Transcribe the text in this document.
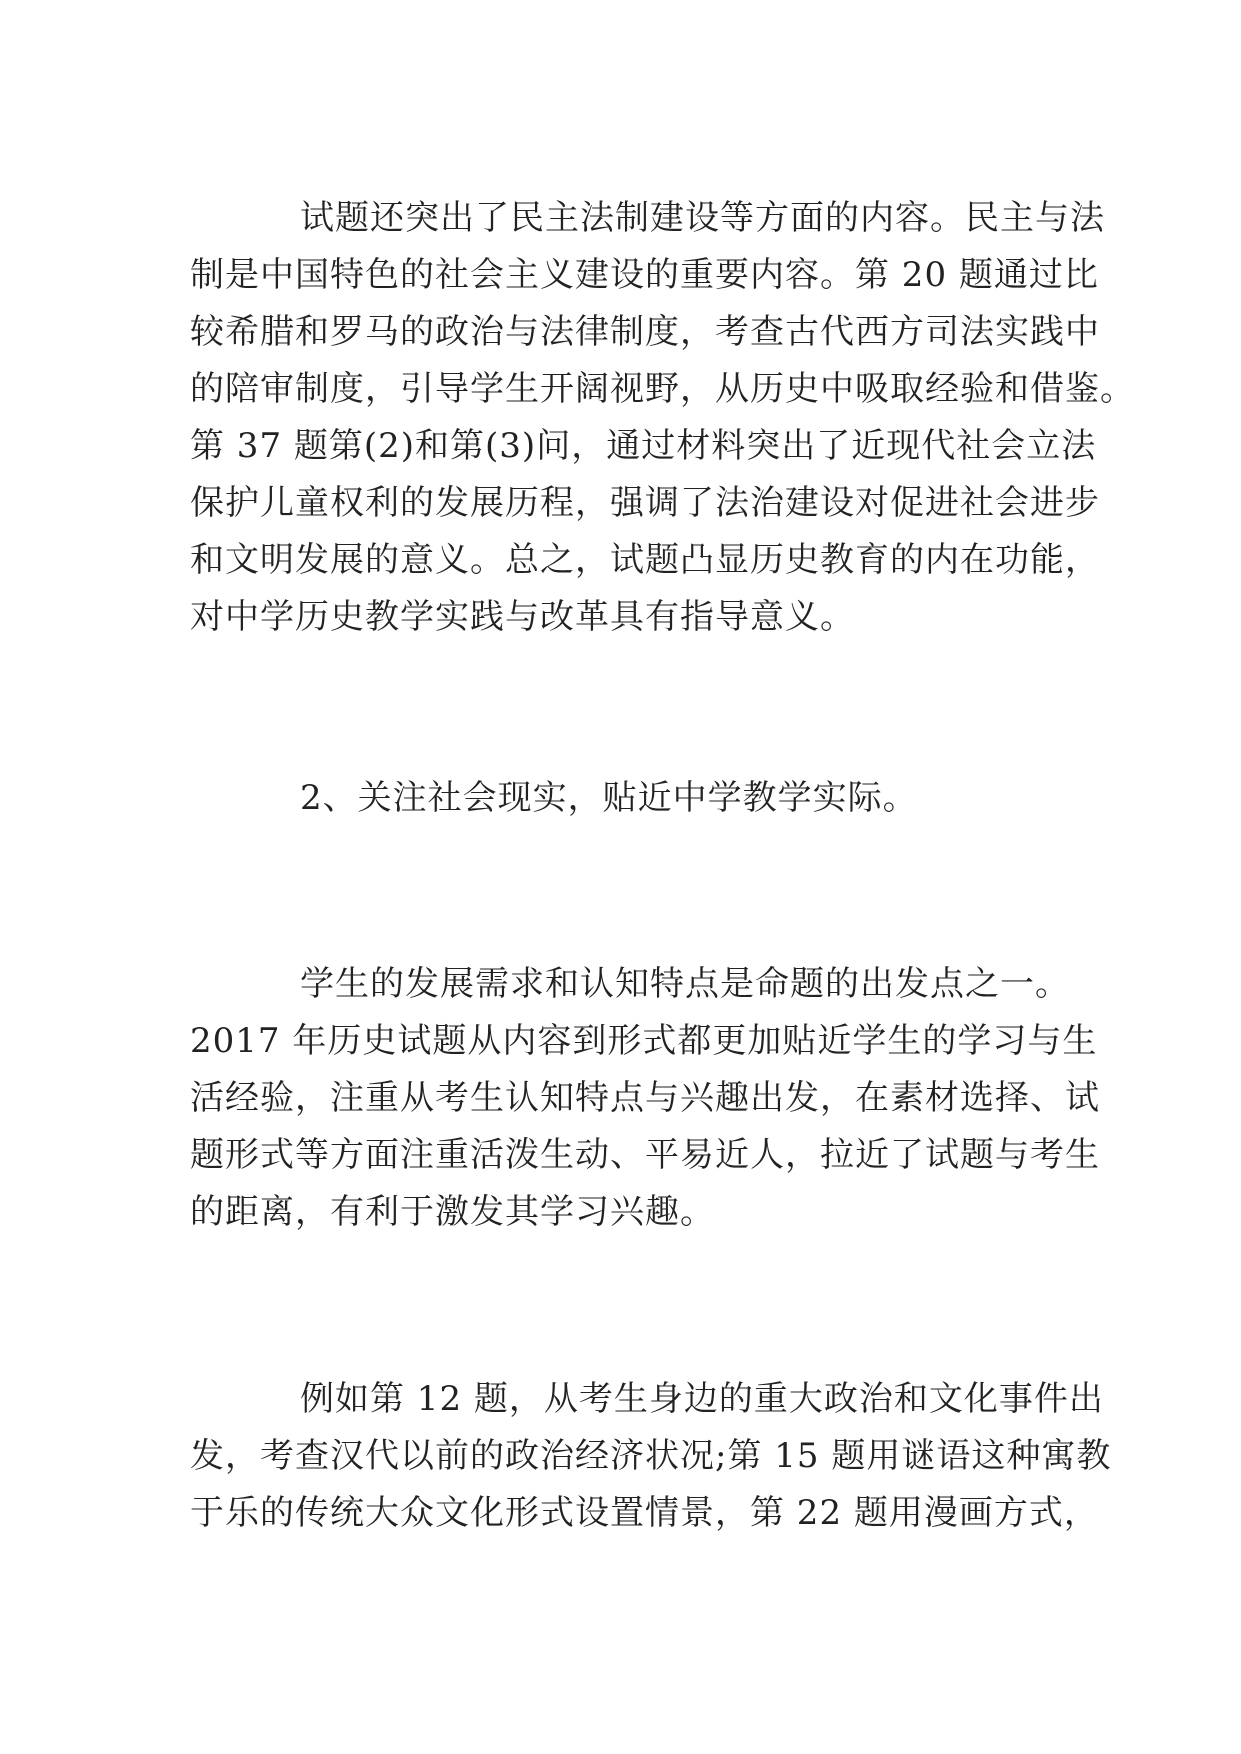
试题还突出了民主法制建设等方面的内容。民主与法
制是中国特色的社会主义建设的重要内容。第 20 题通过比
较希腊和罗马的政治与法律制度，考查古代西方司法实践中
的陪审制度，引导学生开阔视野，从历史中吸取经验和借鉴。
第 37 题第(2)和第(3)问，通过材料突出了近现代社会立法
保护儿童权利的发展历程，强调了法治建设对促进社会进步
和文明发展的意义。总之，试题凸显历史教育的内在功能，
对中学历史教学实践与改革具有指导意义。
2、关注社会现实，贴近中学教学实际。
学生的发展需求和认知特点是命题的出发点之一。
2017 年历史试题从内容到形式都更加贴近学生的学习与生
活经验，注重从考生认知特点与兴趣出发，在素材选择、试
题形式等方面注重活泼生动、平易近人，拉近了试题与考生
的距离，有利于激发其学习兴趣。
例如第 12 题，从考生身边的重大政治和文化事件出
发，考查汉代以前的政治经济状况;第 15 题用谜语这种寓教
于乐的传统大众文化形式设置情景，第 22 题用漫画方式，
